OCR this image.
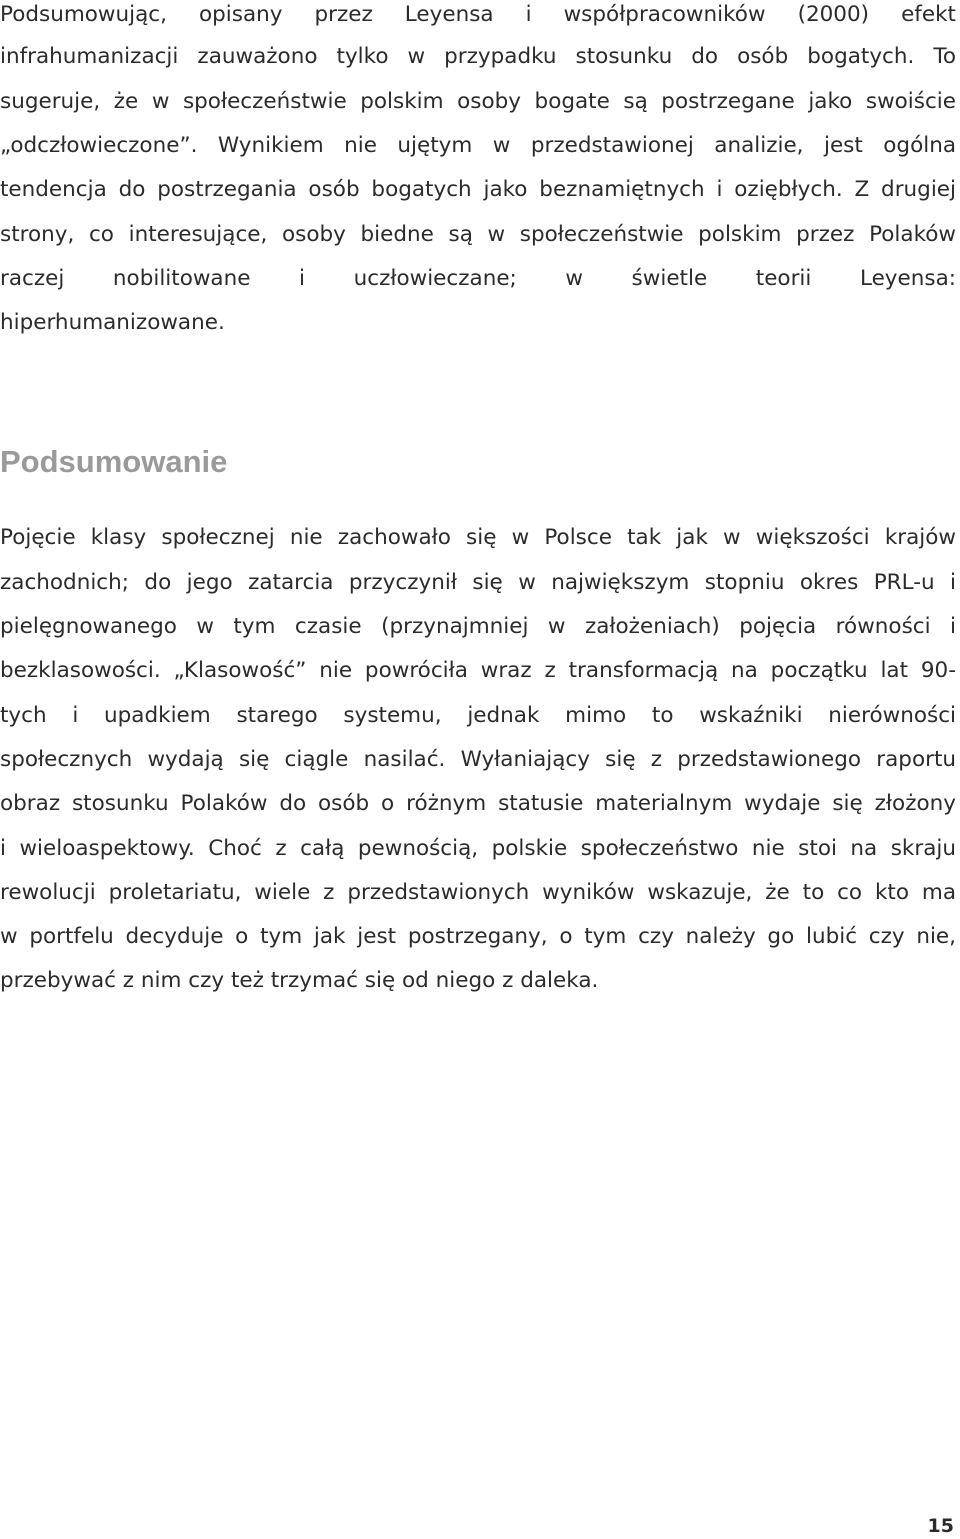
Podsumowując, opisany przez Leyensa i współpracowników (2000) efekt
infrahumanizacji zauważono tylko w przypadku stosunku do osób bogatych. To
sugeruje, że w społeczeństwie polskim osoby bogate są postrzegane jako swoiście
„odczłowieczone”. Wynikiem nie ujętym w przedstawionej analizie, jest ogólna
tendencja do postrzegania osób bogatych jako beznamiętnych i oziębłych. Z drugiej
strony, co interesujące, osoby biedne są w społeczeństwie polskim przez Polaków
raczej nobilitowane i uczłowieczane; w świetle teorii Leyensa:
hiperhumanizowane.
Podsumowanie
Pojęcie klasy społecznej nie zachowało się w Polsce tak jak w większości krajów
zachodnich; do jego zatarcia przyczynił się w największym stopniu okres PRL-u i
pielęgnowanego w tym czasie (przynajmniej w założeniach) pojęcia równości i
bezklasowości. „Klasowość” nie powróciła wraz z transformacją na początku lat 90-
tych i upadkiem starego systemu, jednak mimo to wskaźniki nierówności
społecznych wydają się ciągle nasilać. Wyłaniający się z przedstawionego raportu
obraz stosunku Polaków do osób o różnym statusie materialnym wydaje się złożony
i wieloaspektowy. Choć z całą pewnością, polskie społeczeństwo nie stoi na skraju
rewolucji proletariatu, wiele z przedstawionych wyników wskazuje, że to co kto ma
w portfelu decyduje o tym jak jest postrzegany, o tym czy należy go lubić czy nie,
przebywać z nim czy też trzymać się od niego z daleka.
15
